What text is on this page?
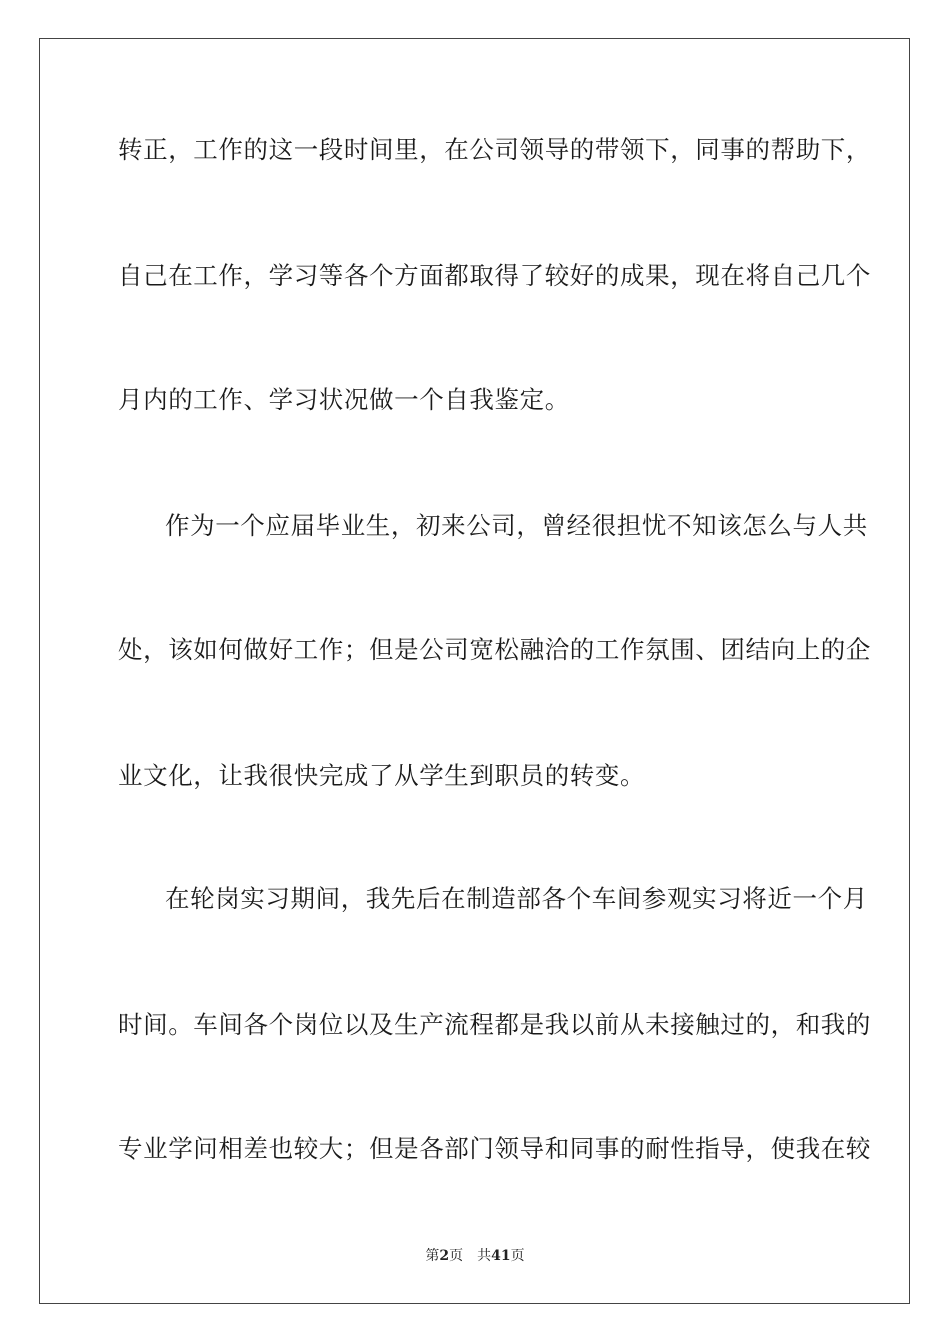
转正，工作的这一段时间里，在公司领导的带领下，同事的帮助下，
自己在工作，学习等各个方面都取得了较好的成果，现在将自己几个
月内的工作、学习状况做一个自我鉴定。
作为一个应届毕业生，初来公司，曾经很担忧不知该怎么与人共
处，该如何做好工作；但是公司宽松融洽的工作氛围、团结向上的企
业文化，让我很快完成了从学生到职员的转变。
在轮岗实习期间，我先后在制造部各个车间参观实习将近一个月
时间。车间各个岗位以及生产流程都是我以前从未接触过的，和我的
专业学问相差也较大；但是各部门领导和同事的耐性指导，使我在较
第2页 共41页
